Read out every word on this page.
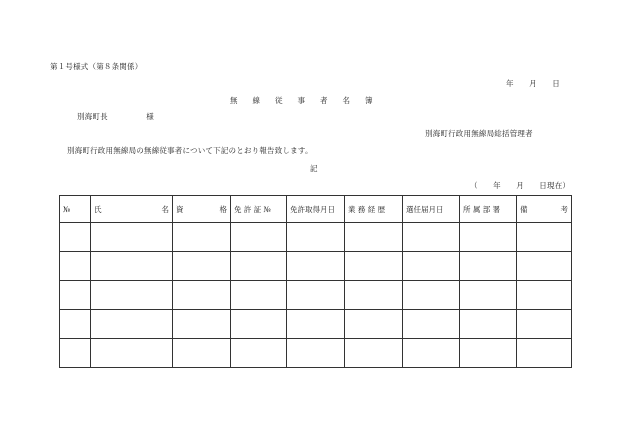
第１号様式（第８条関係）
年　　月　　日
無線従事者名簿
別海町長　　　　　様
別海町行政用無線局総括管理者
別海町行政用無線局の無線従事者について下記のとおり報告致します。
記
（　　年　　月　　日現在）
№	氏 名	資 格	免 許 証 №	免許取得月日	業 務 経 歴	選任届月日	所 属 部 署	備 考
